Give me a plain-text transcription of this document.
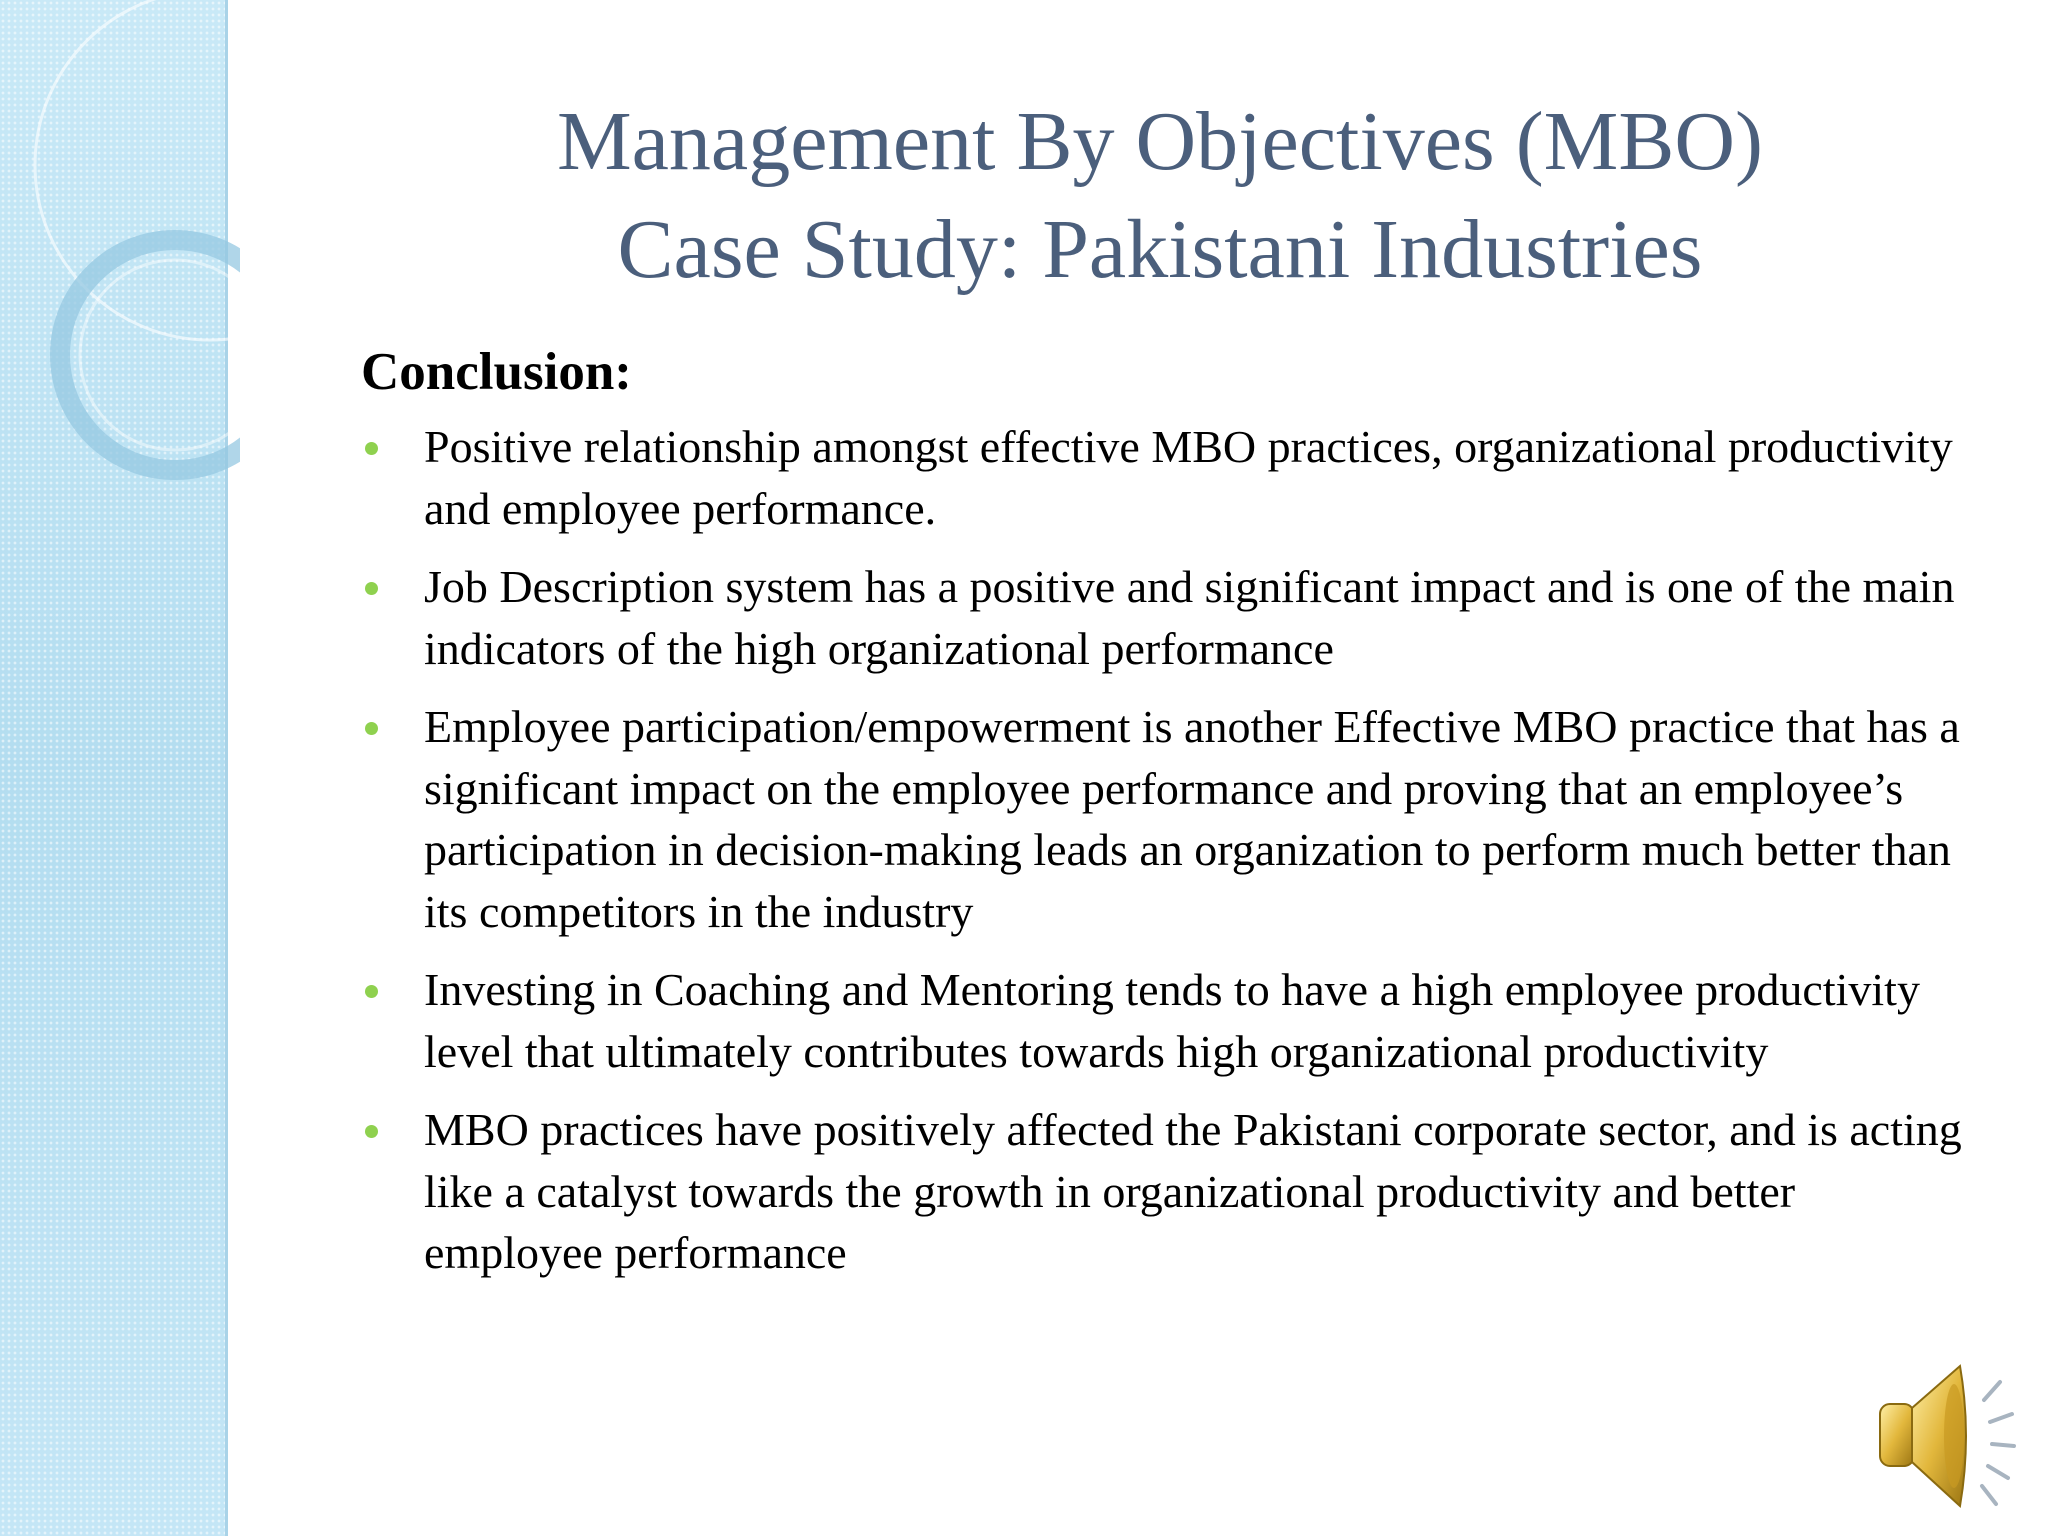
Management By Objectives (MBO)
Case Study: Pakistani Industries
Conclusion:
Positive relationship amongst effective MBO practices, organizational productivity and employee performance.
Job Description system has a positive and significant impact and is one of the main indicators of the high organizational performance
Employee participation/empowerment is another Effective MBO practice that has a significant impact on the employee performance and proving that an employee’s participation in decision-making leads an organization to perform much better than its competitors in the industry
Investing in Coaching and Mentoring tends to have a high employee productivity level that ultimately contributes towards high organizational productivity
MBO practices have positively affected the Pakistani corporate sector, and is acting like a catalyst towards the growth in organizational productivity and better employee performance
